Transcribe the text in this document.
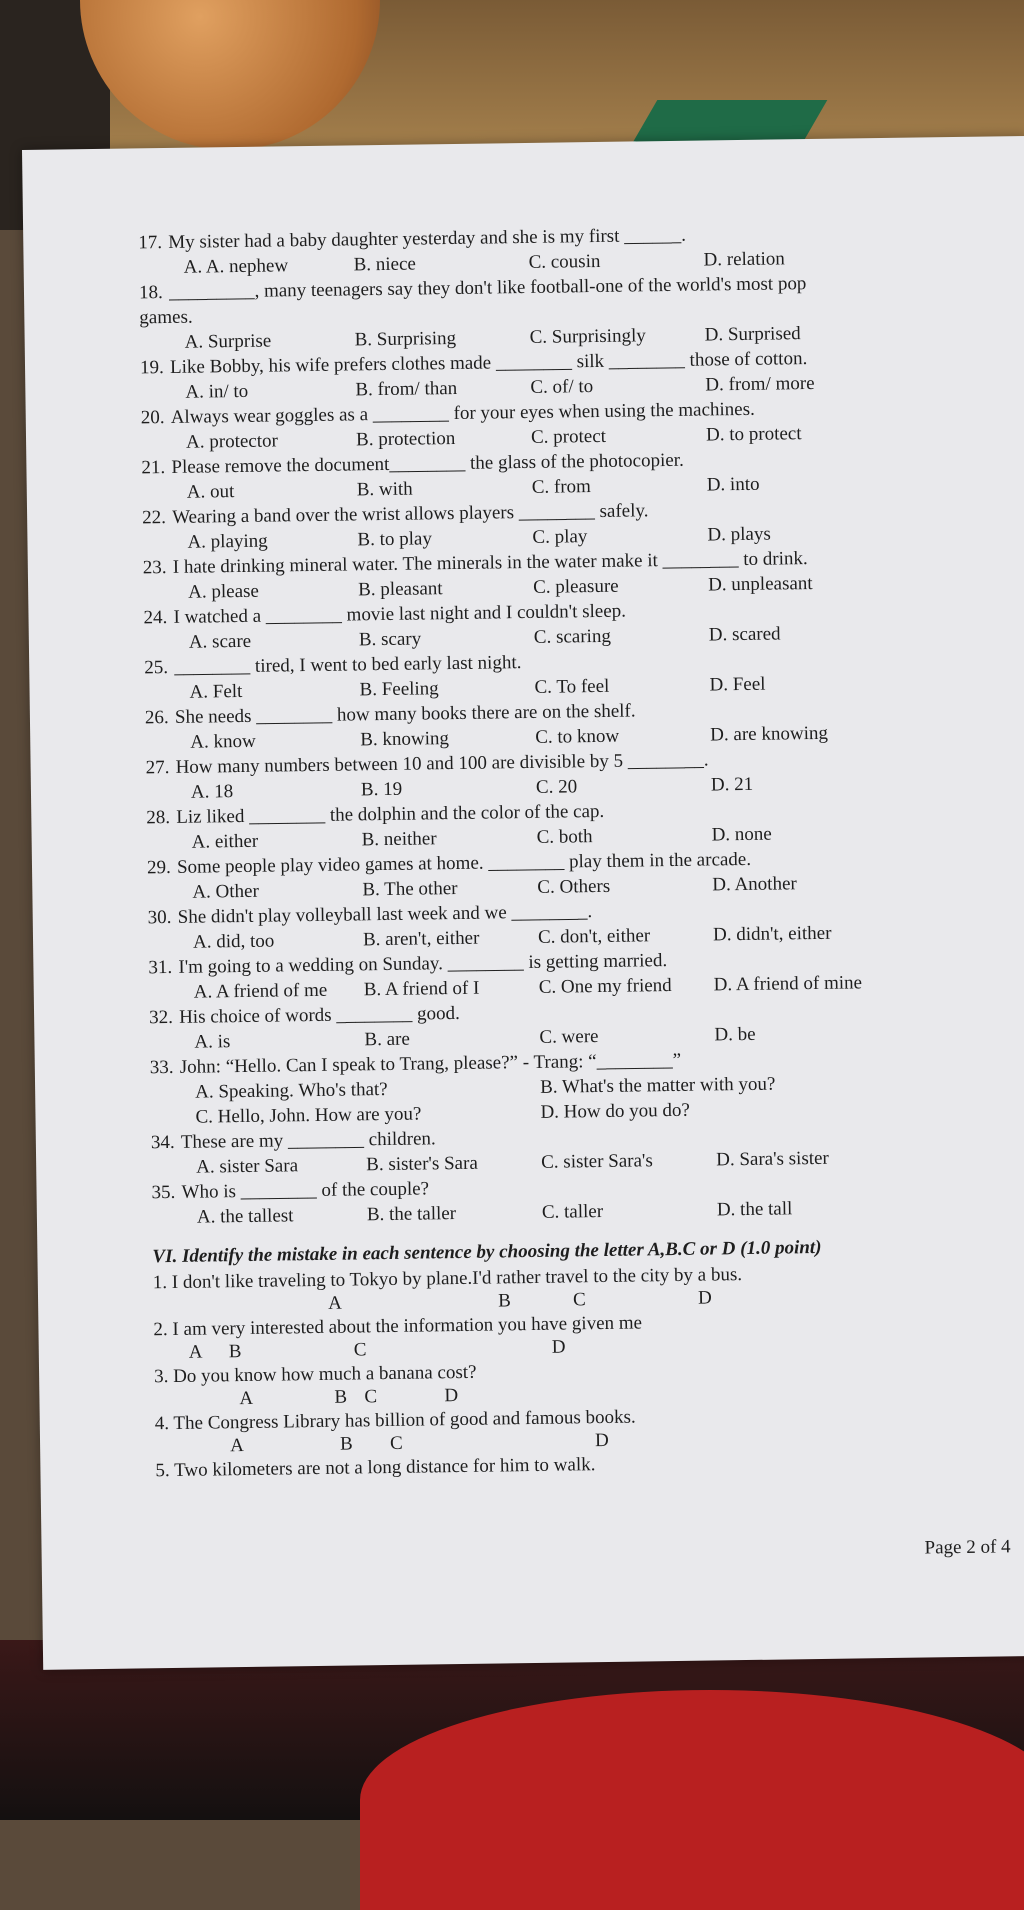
17. My sister had a baby daughter yesterday and she is my first ______.
A. A. nephew	B. niece	C. cousin	D. relation
18. _________, many teenagers say they don't like football-one of the world's most pop
games.
A. Surprise	B. Surprising	C. Surprisingly	D. Surprised
19. Like Bobby, his wife prefers clothes made ________ silk ________ those of cotton.
A. in/ to	B. from/ than	C. of/ to	D. from/ more
20. Always wear goggles as a ________ for your eyes when using the machines.
A. protector	B. protection	C. protect	D. to protect
21. Please remove the document________ the glass of the photocopier.
A. out	B. with	C. from	D. into
22. Wearing a band over the wrist allows players ________ safely.
A. playing	B. to play	C. play	D. plays
23. I hate drinking mineral water. The minerals in the water make it ________ to drink.
A. please	B. pleasant	C. pleasure	D. unpleasant
24. I watched a ________ movie last night and I couldn't sleep.
A. scare	B. scary	C. scaring	D. scared
25. ________ tired, I went to bed early last night.
A. Felt	B. Feeling	C. To feel	D. Feel
26. She needs ________ how many books there are on the shelf.
A. know	B. knowing	C. to know	D. are knowing
27. How many numbers between 10 and 100 are divisible by 5 ________.
A. 18	B. 19	C. 20	D. 21
28. Liz liked ________ the dolphin and the color of the cap.
A. either	B. neither	C. both	D. none
29. Some people play video games at home. ________ play them in the arcade.
A. Other	B. The other	C. Others	D. Another
30. She didn't play volleyball last week and we ________.
A. did, too	B. aren't, either	C. don't, either	D. didn't, either
31. I'm going to a wedding on Sunday. ________ is getting married.
A. A friend of me B. A friend of I	C. One my friend D. A friend of mine
32. His choice of words ________ good.
A. is	B. are	C. were	D. be
33. John: “Hello. Can I speak to Trang, please?” - Trang: “________”
A. Speaking. Who's that?	B. What's the matter with you?
C. Hello, John. How are you?	D. How do you do?
34. These are my ________ children.
A. sister Sara	B. sister's Sara	C. sister Sara's	D. Sara's sister
35. Who is ________ of the couple?
A. the tallest	B. the taller	C. taller	D. the tall
VI. Identify the mistake in each sentence by choosing the letter A,B.C or D (1.0 point)
1. I don't like traveling to Tokyo by plane.I'd rather travel to the city by a bus.
A	B	C	D
2. I am very interested about the information you have given me
A B	C	D
3. Do you know how much a banana cost?
A	B C	D
4. The Congress Library has billion of good and famous books.
A	B C	D
5. Two kilometers are not a long distance for him to walk.
Page 2 of 4
